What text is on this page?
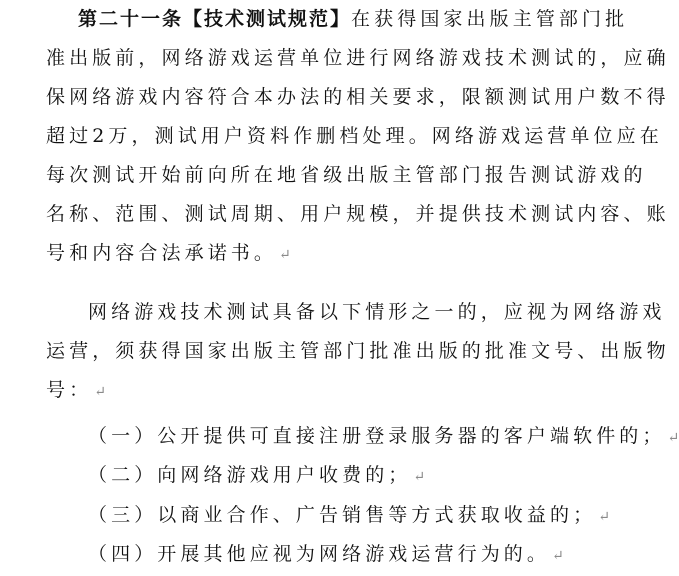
第二十一条【技术测试规范】在获得国家出版主管部门批
准出版前，网络游戏运营单位进行网络游戏技术测试的，应确
保网络游戏内容符合本办法的相关要求，限额测试用户数不得
超过2万，测试用户资料作删档处理。网络游戏运营单位应在
每次测试开始前向所在地省级出版主管部门报告测试游戏的
名称、范围、测试周期、用户规模，并提供技术测试内容、账
号和内容合法承诺书。 ↵
网络游戏技术测试具备以下情形之一的，应视为网络游戏
运营，须获得国家出版主管部门批准出版的批准文号、出版物
号： ↵
（一）公开提供可直接注册登录服务器的客户端软件的； ↵
（二）向网络游戏用户收费的； ↵
（三）以商业合作、广告销售等方式获取收益的； ↵
（四）开展其他应视为网络游戏运营行为的。 ↵
